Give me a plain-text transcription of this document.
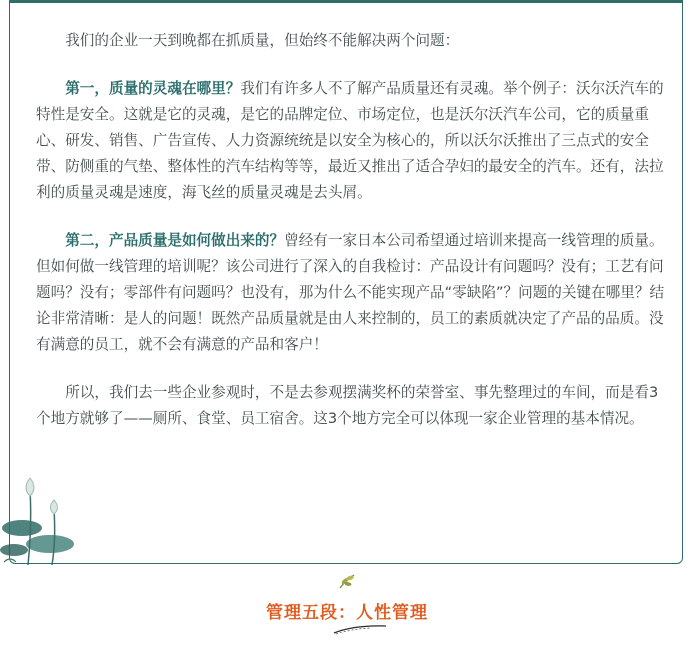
我们的企业一天到晚都在抓质量，但始终不能解决两个问题：

第一，质量的灵魂在哪里？我们有许多人不了解产品质量还有灵魂。举个例子：沃尔沃汽车的特性是安全。这就是它的灵魂，是它的品牌定位、市场定位，也是沃尔沃汽车公司，它的质量重心、研发、销售、广告宣传、人力资源统统是以安全为核心的，所以沃尔沃推出了三点式的安全带、防侧重的气垫、整体性的汽车结构等等，最近又推出了适合孕妇的最安全的汽车。还有，法拉利的质量灵魂是速度，海飞丝的质量灵魂是去头屑。

第二，产品质量是如何做出来的？曾经有一家日本公司希望通过培训来提高一线管理的质量。但如何做一线管理的培训呢？该公司进行了深入的自我检讨：产品设计有问题吗？没有；工艺有问题吗？没有；零部件有问题吗？也没有，那为什么不能实现产品“零缺陷”？问题的关键在哪里？结论非常清晰：是人的问题！既然产品质量就是由人来控制的，员工的素质就决定了产品的品质。没有满意的员工，就不会有满意的产品和客户！

所以，我们去一些企业参观时，不是去参观摆满奖杯的荣誉室、事先整理过的车间，而是看3个地方就够了——厕所、食堂、员工宿舍。这3个地方完全可以体现一家企业管理的基本情况。

管理五段：人性管理
